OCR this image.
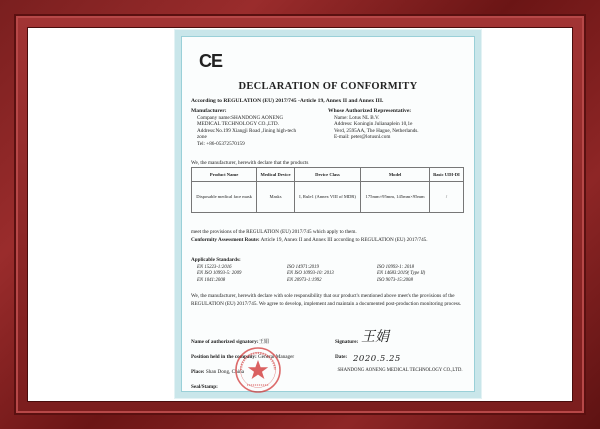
CE
DECLARATION OF CONFORMITY
According to REGULATION (EU) 2017/745 -Article 19, Annex II and Annex III.
Manufacturer:
Company name:SHANDONG AONENG
MEDICAL TECHNOLOGY CO.,LTD.
Address:No.199 Xiangji Road ,Jining high-tech
zone
Tel: +86-05372570159
Whose Authorized Representative:
Name: Lotus NL B.V.
Address: Koningin Julianaplein 10,1e
Verd, 2595AA, The Hague, Netherlands.
E-mail: peter@lotusnl.com
We, the manufacturer, herewith declare that the products
Product Name	Medical Device	Device Class	Model	Basic UDI-DI
Disposable medical face mask	Masks	I, Rule1 (Annex VIII of MDR)	175mm×95mm, 145mm×95mm	/
meet the provisions of the REGULATION (EU) 2017/745 which apply to them.
Conformity Assessment Route: Article 19, Annex II and Annex III according to REGULATION (EU) 2017/745.
Applicable Standards:
EN 15223-1:2016	ISO 14971:2019	ISO 10993-1: 2018
EN ISO 10993-5: 2009	EN ISO 10993-10: 2013	EN 14683:2019( Type II)
EN 1041:2008	EN 20973-1:1992	ISO 9073-15:2008
We, the manufacturer, herewith declare with sole responsibility that our product's mentioned above meet's the provisions of the REGULATION (EU) 2017/745. We agree to develop, implement and maintain a documented post-production monitoring process.
Name of authorized signatory:王娟
Position held in the company: General Manager
Place: Shan Dong, China
Seal/Stamp:
Signature:
Date:
王娟
2020.5.25
SHANDONG AONENG MEDICAL TECHNOLOGY CO.,LTD.
